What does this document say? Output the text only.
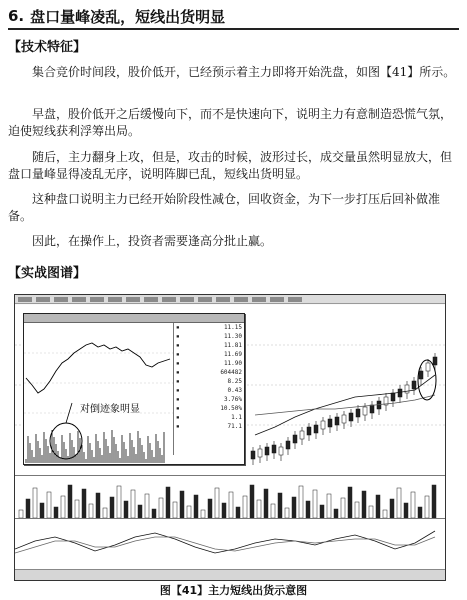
6. 盘口量峰凌乱，短线出货明显
【 技术特征 】

集合竞价时间段，股价低开，已经预示着主力即将开始洗盘，如图【41】所示。

早盘，股价低开之后缓慢向下，而不是快速向下，说明主力有意制造恐慌气氛，迫使短线获利浮筹出局。

随后，主力翻身上攻，但是，攻击的时候，波形过长，成交量虽然明显放大，但盘口量峰显得凌乱无序，说明阵脚已乱，短线出货明显。

这种盘口说明主力已经开始阶段性减仓，回收资金，为下一步打压后回补做准备。

因此，在操作上，投资者需要逢高分批止赢。

【 实战图谱 】
▪	11.15
▪	11.30
▪	11.81
▪	11.69
▪	11.90
▪	604482
▪	8.25
▪	0.43
▪	3.76%
▪	10.50%
▪	1.1
▪	71.1
对倒迹象明显
图【41】主力短线出货示意图
